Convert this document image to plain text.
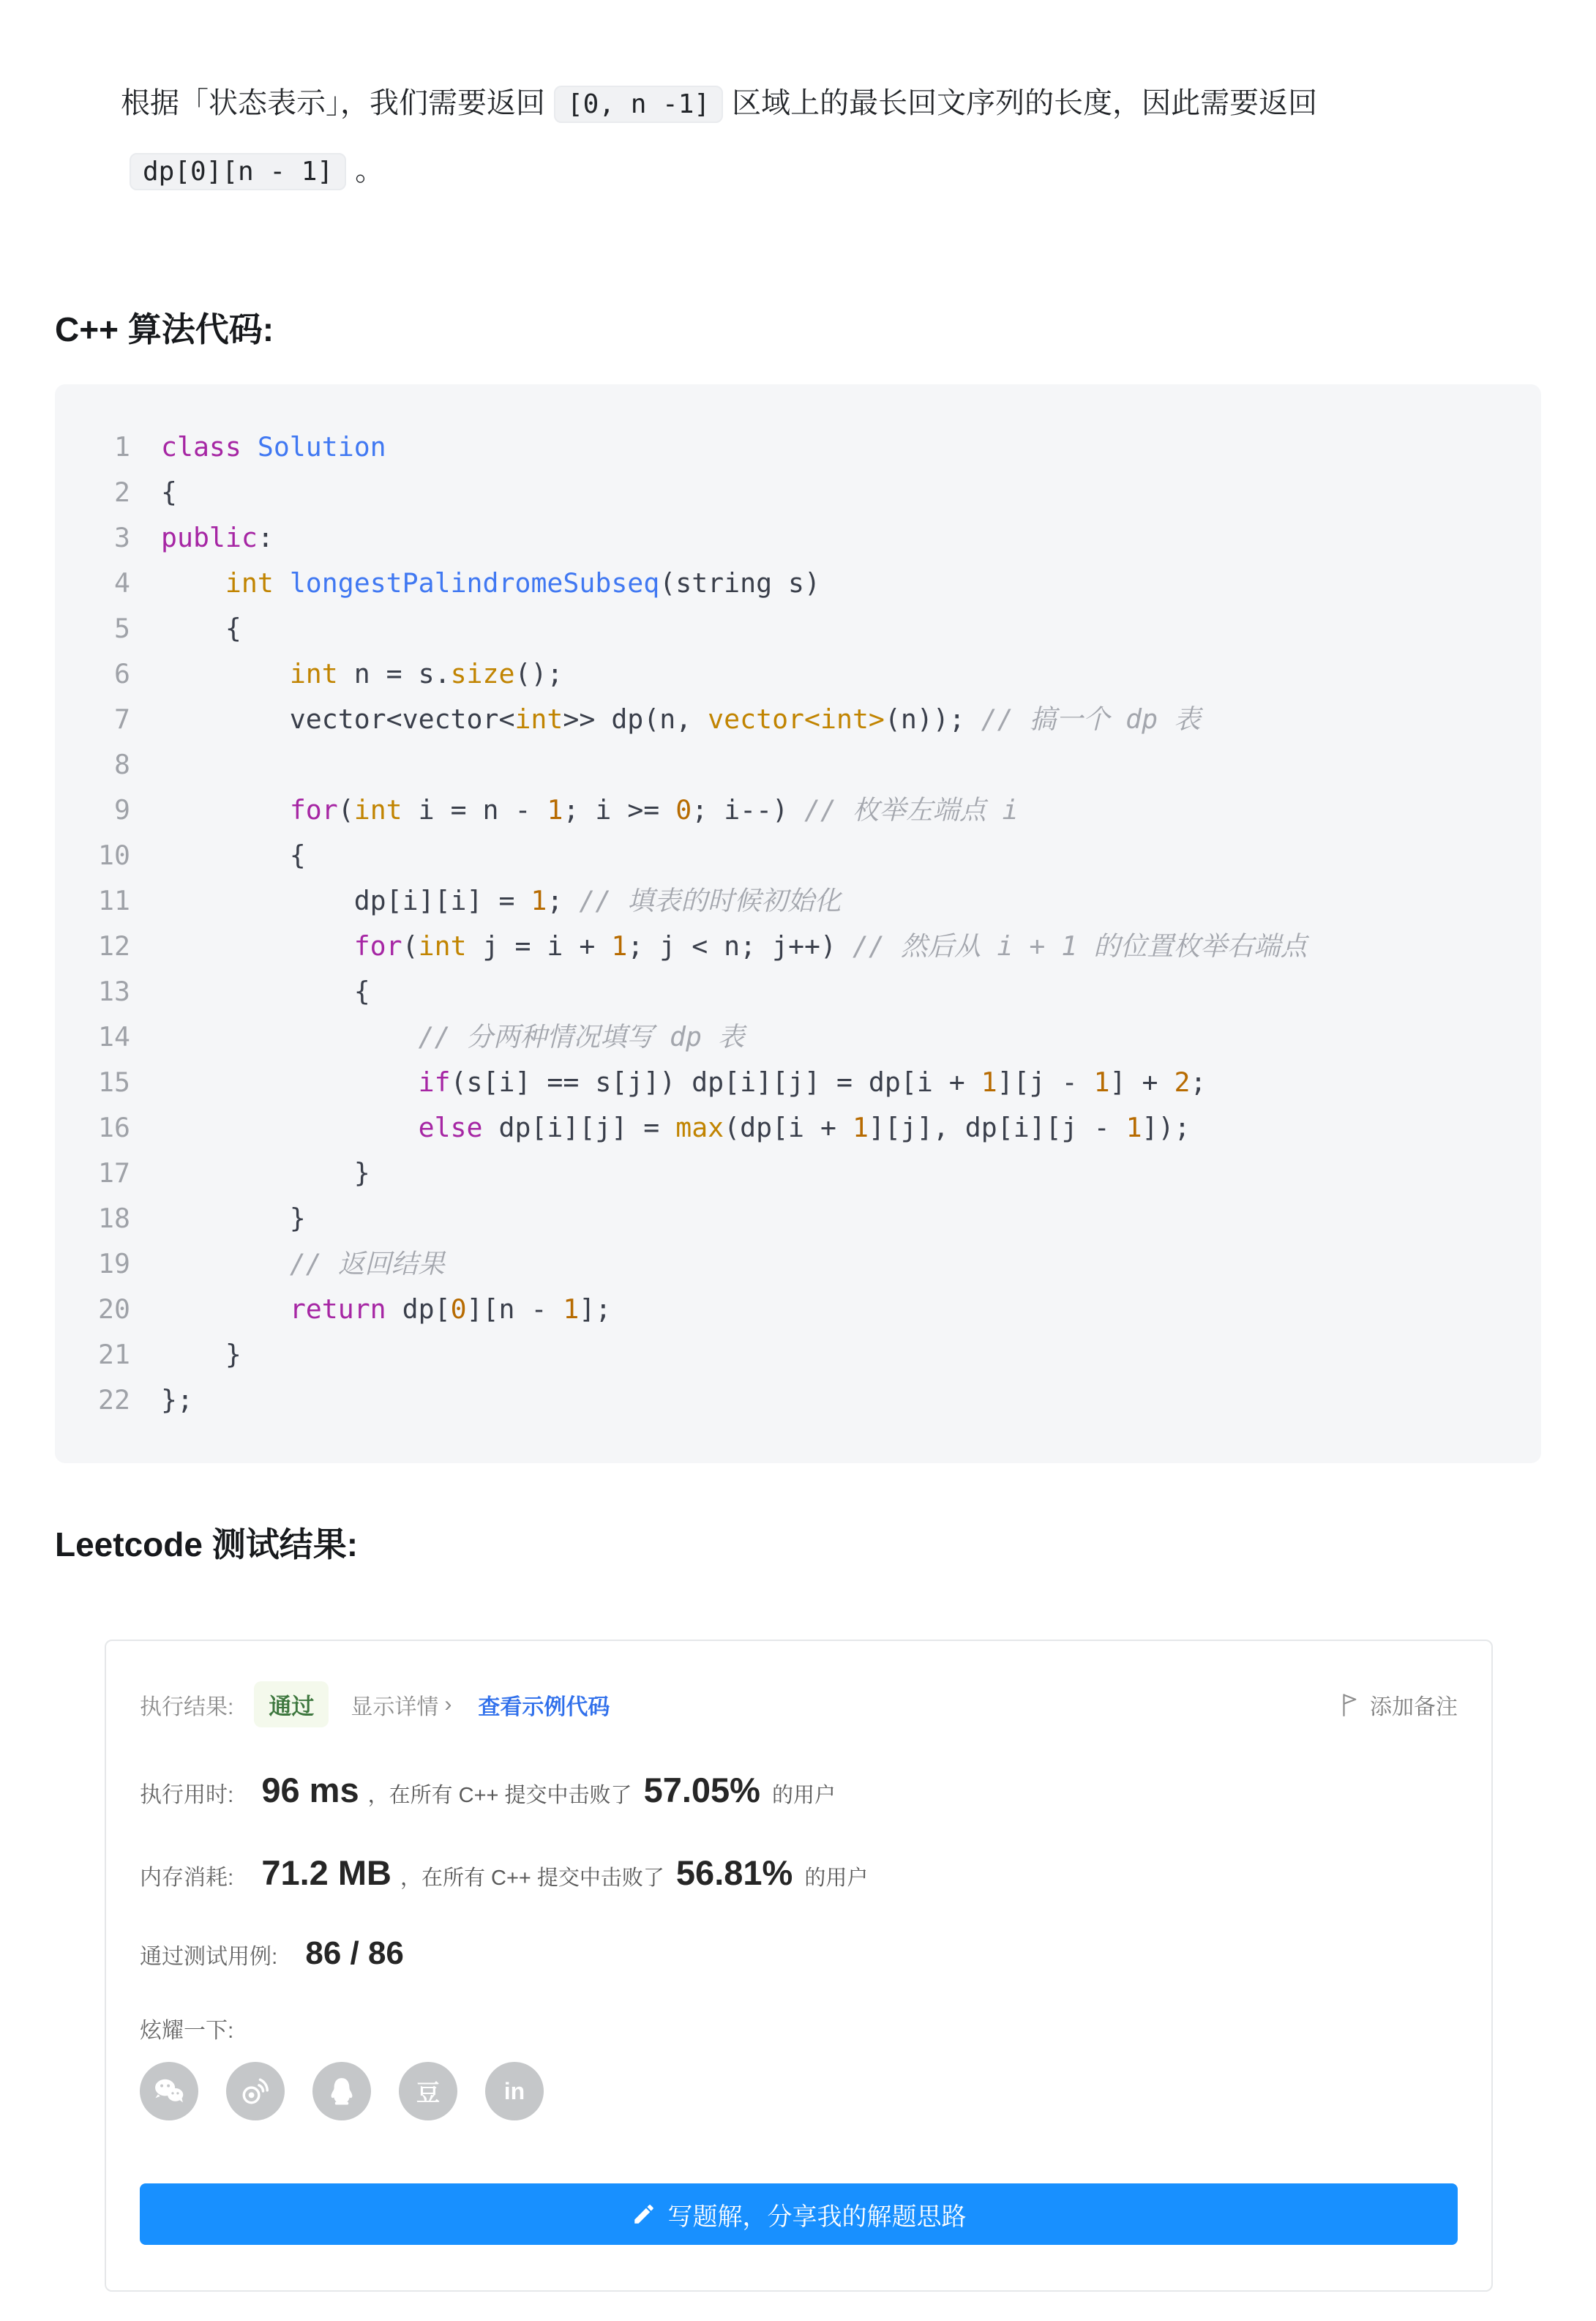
根据「状态表示」，我们需要返回 [0, n -1] 区域上的最长回文序列的长度，因此需要返回dp[0][n - 1] 。

C++ 算法代码:
1 class Solution
2 {
3 public:
4	int longestPalindromeSubseq(string s)
5 {
6	int n = s.size();
7 vector<vector<int>> dp(n, vector<int>(n)); // 搞一个 dp 表
8
9	for(int i = n - 1; i >= 0; i--) // 枚举左端点 i
10 {
11 dp[i][i] = 1; // 填表的时候初始化
12	for(int j = i + 1; j < n; j++) // 然后从 i + 1 的位置枚举右端点
13 {
14	// 分两种情况填写 dp 表
15	if(s[i] == s[j]) dp[i][j] = dp[i + 1][j - 1] + 2;
16	else dp[i][j] = max(dp[i + 1][j], dp[i][j - 1]);
17 }
18 }
19	// 返回结果
20	return dp[0][n - 1];
21 }
22 };
Leetcode 测试结果:
执行结果:	通过	显示详情 › 查看示例代码	添加备注
执行用时: 96 ms ，在所有 C++ 提交中击败了 57.05% 的用户
内存消耗: 71.2 MB ，在所有 C++ 提交中击败了 56.81% 的用户
通过测试用例: 86 / 86
炫耀一下:
豆	in
写题解，分享我的解题思路
